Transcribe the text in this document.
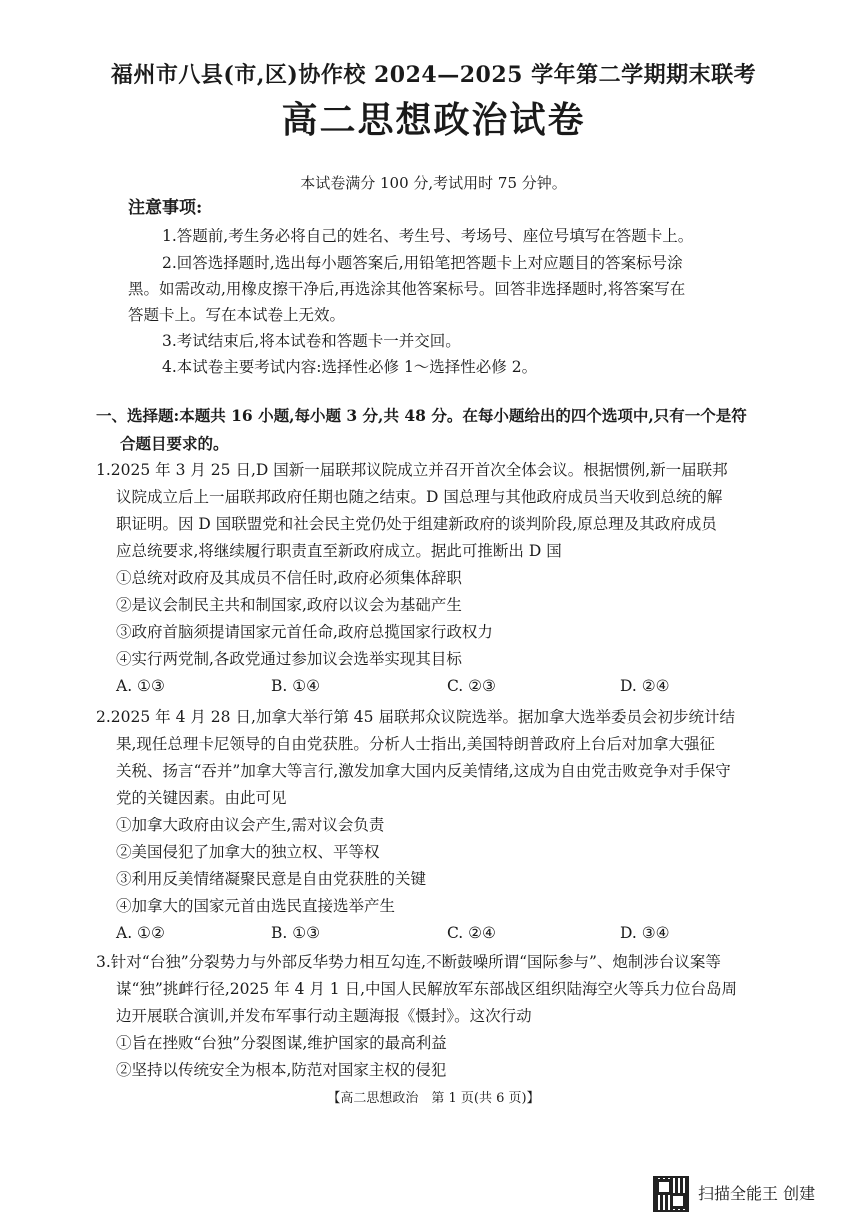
福州市八县(市,区)协作校 2024—2025 学年第二学期期末联考
高二思想政治试卷
本试卷满分 100 分,考试用时 75 分钟。
注意事项:
1.答题前,考生务必将自己的姓名、考生号、考场号、座位号填写在答题卡上。
2.回答选择题时,选出每小题答案后,用铅笔把答题卡上对应题目的答案标号涂
黑。如需改动,用橡皮擦干净后,再选涂其他答案标号。回答非选择题时,将答案写在
答题卡上。写在本试卷上无效。
3.考试结束后,将本试卷和答题卡一并交回。
4.本试卷主要考试内容:选择性必修 1～选择性必修 2。
一、选择题:本题共 16 小题,每小题 3 分,共 48 分。在每小题给出的四个选项中,只有一个是符
合题目要求的。
1.2025 年 3 月 25 日,D 国新一届联邦议院成立并召开首次全体会议。根据惯例,新一届联邦
议院成立后上一届联邦政府任期也随之结束。D 国总理与其他政府成员当天收到总统的解
职证明。因 D 国联盟党和社会民主党仍处于组建新政府的谈判阶段,原总理及其政府成员
应总统要求,将继续履行职责直至新政府成立。据此可推断出 D 国
①总统对政府及其成员不信任时,政府必须集体辞职
②是议会制民主共和制国家,政府以议会为基础产生
③政府首脑须提请国家元首任命,政府总揽国家行政权力
④实行两党制,各政党通过参加议会选举实现其目标
A. ①③	B. ①④	C. ②③	D. ②④
2.2025 年 4 月 28 日,加拿大举行第 45 届联邦众议院选举。据加拿大选举委员会初步统计结
果,现任总理卡尼领导的自由党获胜。分析人士指出,美国特朗普政府上台后对加拿大强征
关税、扬言“吞并”加拿大等言行,激发加拿大国内反美情绪,这成为自由党击败竞争对手保守
党的关键因素。由此可见
①加拿大政府由议会产生,需对议会负责
②美国侵犯了加拿大的独立权、平等权
③利用反美情绪凝聚民意是自由党获胜的关键
④加拿大的国家元首由选民直接选举产生
A. ①②	B. ①③	C. ②④	D. ③④
3.针对“台独”分裂势力与外部反华势力相互勾连,不断鼓噪所谓“国际参与”、炮制涉台议案等
谋“独”挑衅行径,2025 年 4 月 1 日,中国人民解放军东部战区组织陆海空火等兵力位台岛周
边开展联合演训,并发布军事行动主题海报《慑封》。这次行动
①旨在挫败“台独”分裂图谋,维护国家的最高利益
②坚持以传统安全为根本,防范对国家主权的侵犯
【高二思想政治　第 1 页(共 6 页)】
扫描全能王 创建
